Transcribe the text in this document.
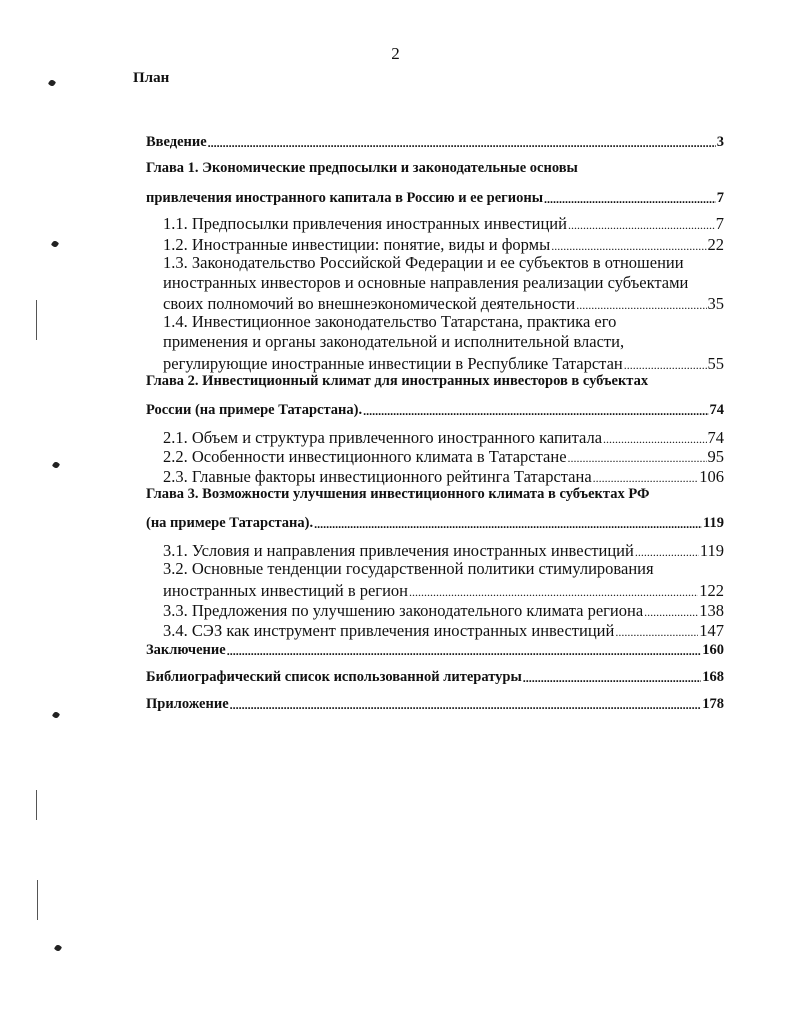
2
План
Введение .....	3
Глава 1. Экономические предпосылки и законодательные основы
привлечения иностранного капитала в Россию и ее регионы .....	7
1.1. Предпосылки привлечения иностранных инвестиций .....	7
1.2. Иностранные инвестиции: понятие, виды и формы .....	22
1.3. Законодательство Российской Федерации и ее субъектов в отношении
иностранных инвесторов и основные направления реализации субъектами
своих полномочий во внешнеэкономической деятельности .....	35
1.4. Инвестиционное законодательство Татарстана, практика его
применения и органы законодательной и исполнительной власти,
регулирующие иностранные инвестиции в Республике Татарстан .....	55
Глава 2. Инвестиционный климат для иностранных инвесторов в субъектах
России (на примере Татарстана). .....	74
2.1. Объем и структура привлеченного иностранного капитала .....	74
2.2. Особенности инвестиционного климата в Татарстане .....	95
2.3. Главные факторы инвестиционного рейтинга Татарстана .....	106
Глава 3. Возможности улучшения инвестиционного климата в субъектах РФ
(на примере Татарстана). .....	119
3.1. Условия и направления привлечения иностранных инвестиций .....	119
3.2. Основные тенденции государственной политики стимулирования
иностранных инвестиций в регион .....	122
3.3. Предложения по улучшению законодательного климата региона .....	138
3.4. СЭЗ как инструмент привлечения иностранных инвестиций .....	147
Заключение .....	160
Библиографический список использованной литературы .....	168
Приложение .....	178
